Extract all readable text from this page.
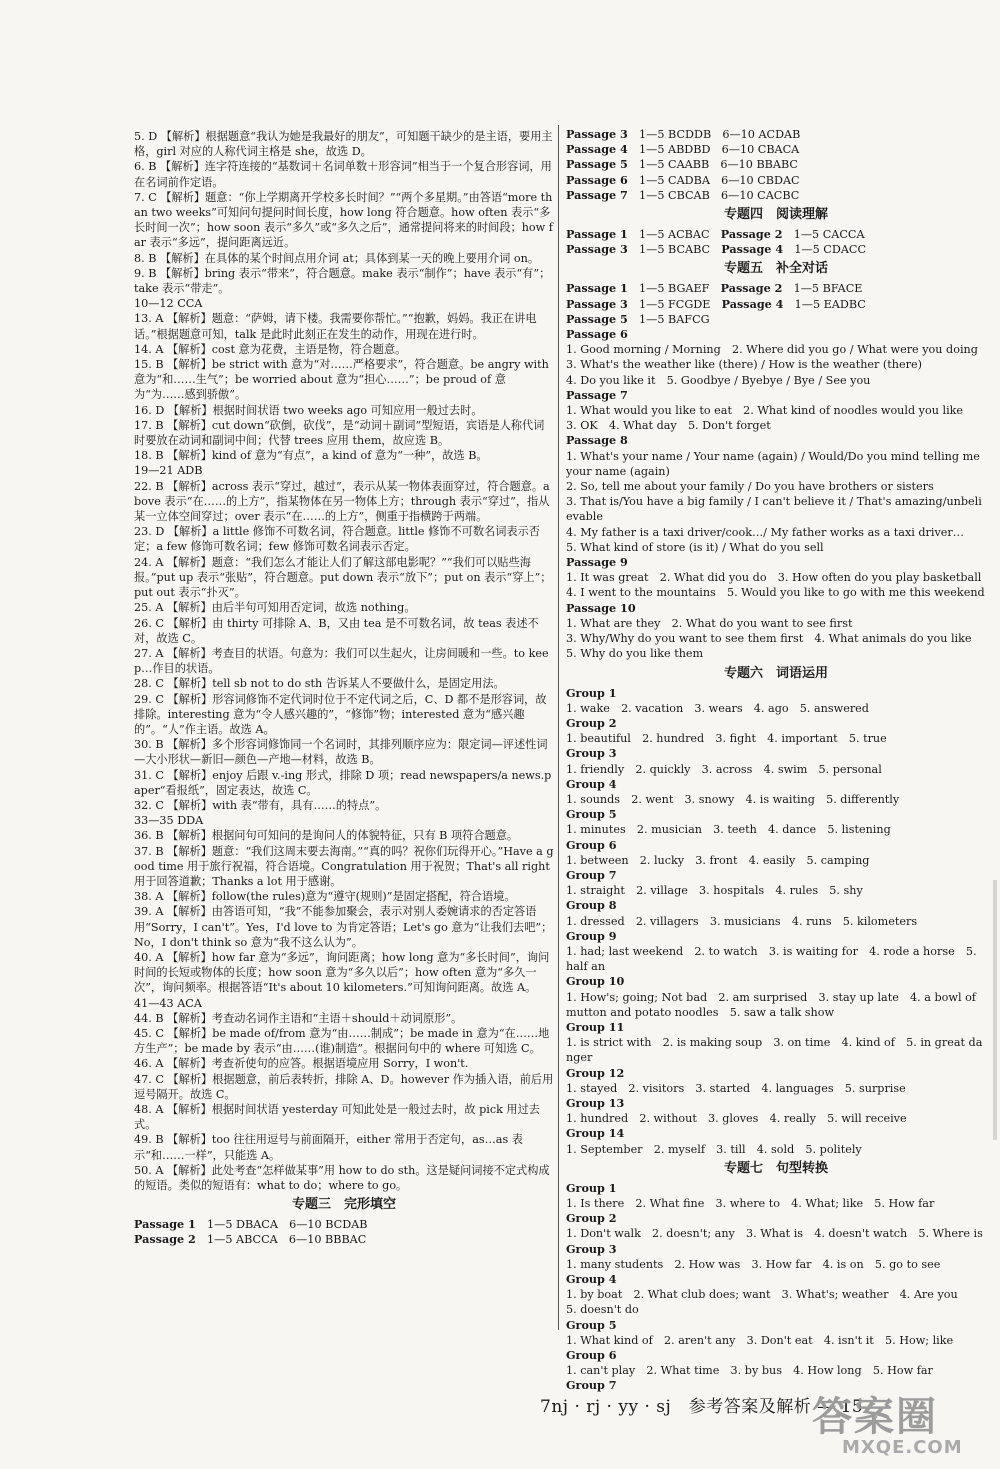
5. D 【解析】根据题意“我认为她是我最好的朋友”，可知题干缺少的是主语，要用主格，girl 对应的人称代词主格是 she，故选 D。

6. B 【解析】连字符连接的“基数词＋名词单数＋形容词”相当于一个复合形容词，用在名词前作定语。

7. C 【解析】题意：“你上学期离开学校多长时间？”“两个多星期。”由答语“more than two weeks”可知问句提问时间长度，how long 符合题意。how often 表示“多长时间一次”；how soon 表示“多久”或“多久之后”，通常提问将来的时间段；how far 表示“多远”，提问距离远近。

8. B 【解析】在具体的某个时间点用介词 at；具体到某一天的晚上要用介词 on。

9. B 【解析】bring 表示“带来”，符合题意。make 表示“制作”；have 表示“有”；take 表示“带走”。

10—12 CCA

13. A 【解析】题意：“萨姆，请下楼。我需要你帮忙。”“抱歉，妈妈。我正在讲电话。”根据题意可知，talk 是此时此刻正在发生的动作，用现在进行时。

14. A 【解析】cost 意为花费，主语是物，符合题意。

15. B 【解析】be strict with 意为“对……严格要求”，符合题意。be angry with 意为“和……生气”；be worried about 意为“担心……”；be proud of 意为“为……感到骄傲”。

16. D 【解析】根据时间状语 two weeks ago 可知应用一般过去时。

17. B 【解析】cut down“砍倒，砍伐”，是“动词＋副词”型短语，宾语是人称代词时要放在动词和副词中间；代替 trees 应用 them，故应选 B。

18. B 【解析】kind of 意为“有点”，a kind of 意为“一种”，故选 B。

19—21 ADB

22. B 【解析】across 表示“穿过，越过”，表示从某一物体表面穿过，符合题意。above 表示“在……的上方”，指某物体在另一物体上方；through 表示“穿过”，指从某一立体空间穿过；over 表示“在……的上方”，侧重于指横跨于两端。

23. D 【解析】a little 修饰不可数名词，符合题意。little 修饰不可数名词表示否定；a few 修饰可数名词；few 修饰可数名词表示否定。

24. A 【解析】题意：“我们怎么才能让人们了解这部电影呢？”“我们可以贴些海报。”put up 表示“张贴”，符合题意。put down 表示“放下”；put on 表示“穿上”；put out 表示“扑灭”。

25. A 【解析】由后半句可知用否定词，故选 nothing。

26. C 【解析】由 thirty 可排除 A、B，又由 tea 是不可数名词，故 teas 表述不对，故选 C。

27. A 【解析】考查目的状语。句意为：我们可以生起火，让房间暖和一些。to keep…作目的状语。

28. C 【解析】tell sb not to do sth 告诉某人不要做什么，是固定用法。

29. C 【解析】形容词修饰不定代词时位于不定代词之后，C、D 都不是形容词，故排除。interesting 意为“令人感兴趣的”，“修饰”物；interested 意为“感兴趣的”。“人”作主语。故选 A。

30. B 【解析】多个形容词修饰同一个名词时，其排列顺序应为：限定词—评述性词—大小形状—新旧—颜色—产地—材料，故选 B。

31. C 【解析】enjoy 后跟 v.-ing 形式，排除 D 项；read newspapers/a news.paper“看报纸”，固定表达，故选 C。

32. C 【解析】with 表“带有，具有……的特点”。

33—35 DDA

36. B 【解析】根据问句可知问的是询问人的体貌特征，只有 B 项符合题意。

37. B 【解析】题意：“我们这周末要去海南。”“真的吗？祝你们玩得开心。”Have a good time 用于旅行祝福，符合语境。Congratulation 用于祝贺；That's all right 用于回答道歉；Thanks a lot 用于感谢。

38. A 【解析】follow(the rules)意为“遵守(规则)”是固定搭配，符合语境。

39. A 【解析】由答语可知，“我”不能参加聚会，表示对别人委婉请求的否定答语用“Sorry，I can't”。Yes，I'd love to 为肯定答语；Let's go 意为“让我们去吧”；No，I don't think so 意为“我不这么认为”。

40. A 【解析】how far 意为“多远”，询问距离；how long 意为“多长时间”，询问时间的长短或物体的长度；how soon 意为“多久以后”；how often 意为“多久一次”，询问频率。根据答语“It's about 10 kilometers.”可知询问距离。故选 A。

41—43 ACA

44. B 【解析】考查动名词作主语和“主语＋should＋动词原形”。

45. C 【解析】be made of/from 意为“由……制成”；be made in 意为“在……地方生产”；be made by 表示“由……(谁)制造”。根据问句中的 where 可知选 C。

46. A 【解析】考查祈使句的应答。根据语境应用 Sorry，I won't.

47. C 【解析】根据题意，前后表转折，排除 A、D。however 作为插入语，前后用逗号隔开。故选 C。

48. A 【解析】根据时间状语 yesterday 可知此处是一般过去时，故 pick 用过去式。

49. B 【解析】too 往往用逗号与前面隔开，either 常用于否定句，as…as 表示“和……一样”，只能选 A。

50. A 【解析】此处考查“怎样做某事”用 how to do sth。这是疑问词接不定式构成的短语。类似的短语有：what to do；where to go。

专题三　完形填空

Passage 1　 1—5 DBACA　6—10 BCDAB

Passage 2　 1—5 ABCCA　6—10 BBBAC

Passage 3　 1—5 BCDDB　6—10 ACDAB

Passage 4　 1—5 ABDBD　6—10 CBACA

Passage 5　 1—5 CAABB　6—10 BBABC

Passage 6　 1—5 CADBA　6—10 CBDAC

Passage 7　 1—5 CBCAB　6—10 CACBC

专题四　阅读理解

Passage 1　 1—5 ACBAC　 Passage 2　 1—5 CACCA

Passage 3　 1—5 BCABC　 Passage 4　 1—5 CDACC

专题五　补全对话

Passage 1　 1—5 BGAEF　 Passage 2　 1—5 BFACE

Passage 3　 1—5 FCGDE　 Passage 4　 1—5 EADBC

Passage 5　 1—5 BAFCG

Passage 6

1. Good morning / Morning　2. Where did you go / What were you doing

3. What's the weather like (there) / How is the weather (there)

4. Do you like it　5. Goodbye / Byebye / Bye / See you

Passage 7

1. What would you like to eat　2. What kind of noodles would you like

3. OK　4. What day　5. Don't forget

Passage 8

1. What's your name / Your name (again) / Would/Do you mind telling me your name (again)

2. So, tell me about your family / Do you have brothers or sisters

3. That is/You have a big family / I can't believe it / That's amazing/unbelievable

4. My father is a taxi driver/cook…/ My father works as a taxi driver…

5. What kind of store (is it) / What do you sell

Passage 9

1. It was great　2. What did you do　3. How often do you play basketball

4. I went to the mountains　5. Would you like to go with me this weekend

Passage 10

1. What are they　2. What do you want to see first

3. Why/Why do you want to see them first　4. What animals do you like

5. Why do you like them

专题六　词语运用

Group 1

1. wake　2. vacation　3. wears　4. ago　5. answered

Group 2

1. beautiful　2. hundred　3. fight　4. important　5. true

Group 3

1. friendly　2. quickly　3. across　4. swim　5. personal

Group 4

1. sounds　2. went　3. snowy　4. is waiting　5. differently

Group 5

1. minutes　2. musician　3. teeth　4. dance　5. listening

Group 6

1. between　2. lucky　3. front　4. easily　5. camping

Group 7

1. straight　2. village　3. hospitals　4. rules　5. shy

Group 8

1. dressed　2. villagers　3. musicians　4. runs　5. kilometers

Group 9

1. had; last weekend　2. to watch　3. is waiting for　4. rode a horse　5. half an

Group 10

1. How's; going; Not bad　2. am surprised　3. stay up late　4. a bowl of mutton and potato noodles　5. saw a talk show

Group 11

1. is strict with　2. is making soup　3. on time　4. kind of　5. in great danger

Group 12

1. stayed　2. visitors　3. started　4. languages　5. surprise

Group 13

1. hundred　2. without　3. gloves　4. really　5. will receive

Group 14

1. September　2. myself　3. till　4. sold　5. politely

专题七　句型转换

Group 1

1. Is there　2. What fine　3. where to　4. What; like　5. How far

Group 2

1. Don't walk　2. doesn't; any　3. What is　4. doesn't watch　5. Where is

Group 3

1. many students　2. How was　3. How far　4. is on　5. go to see

Group 4

1. by boat　2. What club does; want　3. What's; weather　4. Are you

5. doesn't do

Group 5

1. What kind of　2. aren't any　3. Don't eat　4. isn't it　5. How; like

Group 6

1. can't play　2. What time　3. by bus　4. How long　5. How far

Group 7

7nj · rj · yy · sj　参考答案及解析 — 15
答案圈
MXQE.COM
